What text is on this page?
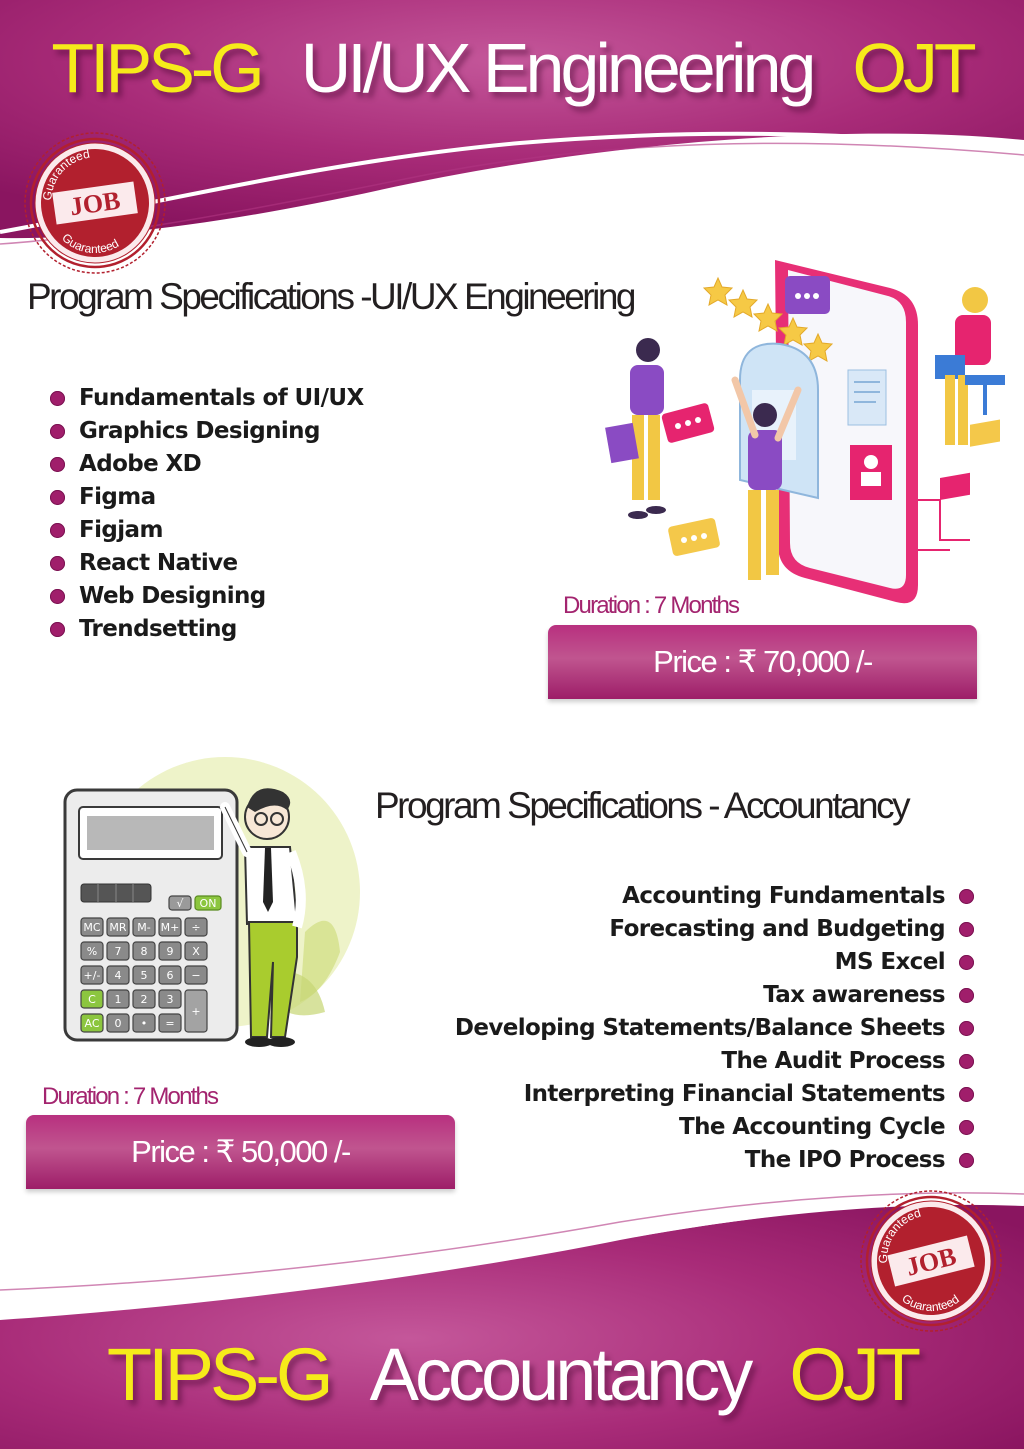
TIPS-G UI/UX Engineering OJT
JOB
Guaranteed
Guaranteed
Program Specifications -UI/UX Engineering
Fundamentals of UI/UX
Graphics Designing
Adobe XD
Figma
Figjam
React Native
Web Designing
Trendsetting
Duration : 7 Months
Price : ₹ 70,000 /-
Program Specifications - Accountancy
Accounting Fundamentals
Forecasting and Budgeting
MS Excel
Tax awareness
Developing Statements/Balance Sheets
The Audit Process
Interpreting Financial Statements
The Accounting Cycle
The IPO Process
√ ON
MC MR M- M+ ÷
% 7 8 9 X
+/- 4 5 6 −
C 1 2 3
+
AC 0 • =
Duration : 7 Months
Price : ₹ 50,000 /-
JOB
Guaranteed
Guaranteed
TIPS-G Accountancy OJT
